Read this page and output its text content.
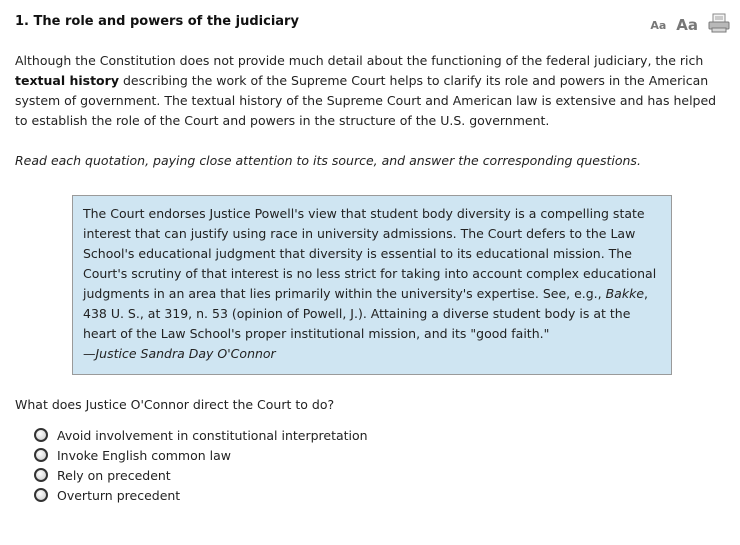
1. The role and powers of the judiciary	Aa Aa

Although the Constitution does not provide much detail about the functioning of the federal judiciary, the rich textual history describing the work of the Supreme Court helps to clarify its role and powers in the American system of government. The textual history of the Supreme Court and American law is extensive and has helped to establish the role of the Court and powers in the structure of the U.S. government.

Read each quotation, paying close attention to its source, and answer the corresponding questions.

The Court endorses Justice Powell's view that student body diversity is a compelling state interest that can justify using race in university admissions. The Court defers to the Law School's educational judgment that diversity is essential to its educational mission. The Court's scrutiny of that interest is no less strict for taking into account complex educational judgments in an area that lies primarily within the university's expertise. See, e.g., Bakke, 438 U. S., at 319, n. 53 (opinion of Powell, J.). Attaining a diverse student body is at the heart of the Law School's proper institutional mission, and its "good faith."

—Justice Sandra Day O'Connor

What does Justice O'Connor direct the Court to do?
Avoid involvement in constitutional interpretation
Invoke English common law
Rely on precedent
Overturn precedent
